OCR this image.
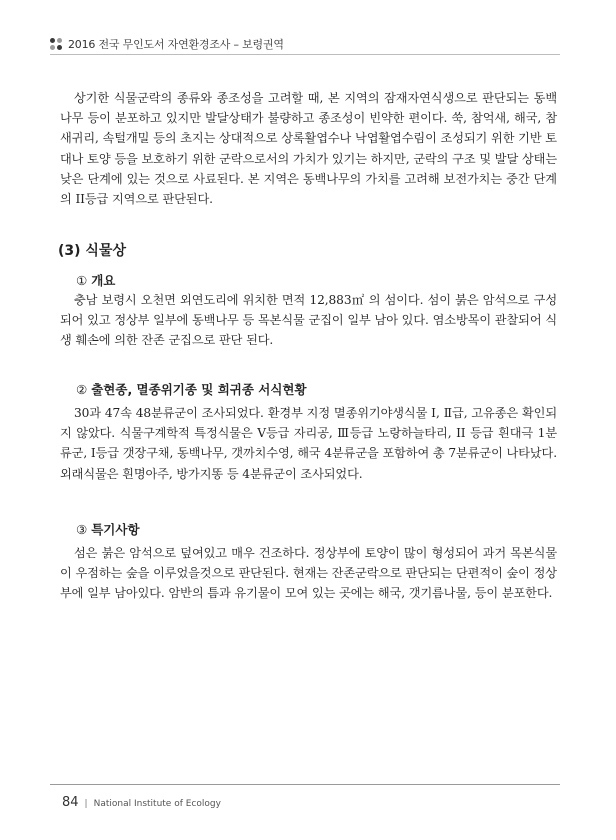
2016 전국 무인도서 자연환경조사 – 보령권역

상기한 식물군락의 종류와 종조성을 고려할 때, 본 지역의 잠재자연식생으로 판단되는 동백나무 등이 분포하고 있지만 발달상태가 불량하고 종조성이 빈약한 편이다. 쑥, 참억새, 해국, 참새귀리, 속털개밀 등의 초지는 상대적으로 상록활엽수나 낙엽활엽수림이 조성되기 위한 기반 토대나 토양 등을 보호하기 위한 군락으로서의 가치가 있기는 하지만, 군락의 구조 및 발달 상태는 낮은 단계에 있는 것으로 사료된다. 본 지역은 동백나무의 가치를 고려해 보전가치는 중간 단계의 II등급 지역으로 판단된다.

(3) 식물상
① 개요

충남 보령시 오천면 외연도리에 위치한 면적 12,883㎡ 의 섬이다. 섬이 붉은 암석으로 구성되어 있고 정상부 일부에 동백나무 등 목본식물 군집이 일부 남아 있다. 염소방목이 관찰되어 식생 훼손에 의한 잔존 군집으로 판단 된다.

② 출현종, 멸종위기종 및 희귀종 서식현황

30과 47속 48분류군이 조사되었다. 환경부 지정 멸종위기야생식물 Ⅰ, Ⅱ급, 고유종은 확인되지 않았다. 식물구계학적 특정식물은 V등급 자리공, Ⅲ등급 노랑하늘타리, II 등급 흰대극 1분류군, Ⅰ등급 갯장구채, 동백나무, 갯까치수영, 해국 4분류군을 포함하여 총 7분류군이 나타났다. 외래식물은 흰명아주, 방가지똥 등 4분류군이 조사되었다.

③ 특기사항

섬은 붉은 암석으로 덮여있고 매우 건조하다. 정상부에 토양이 많이 형성되어 과거 목본식물이 우점하는 숲을 이루었을것으로 판단된다. 현재는 잔존군락으로 판단되는 단편적이 숲이 정상부에 일부 남아있다. 암반의 틈과 유기물이 모여 있는 곳에는 해국, 갯기름나물, 등이 분포한다.

84 | National Institute of Ecology
